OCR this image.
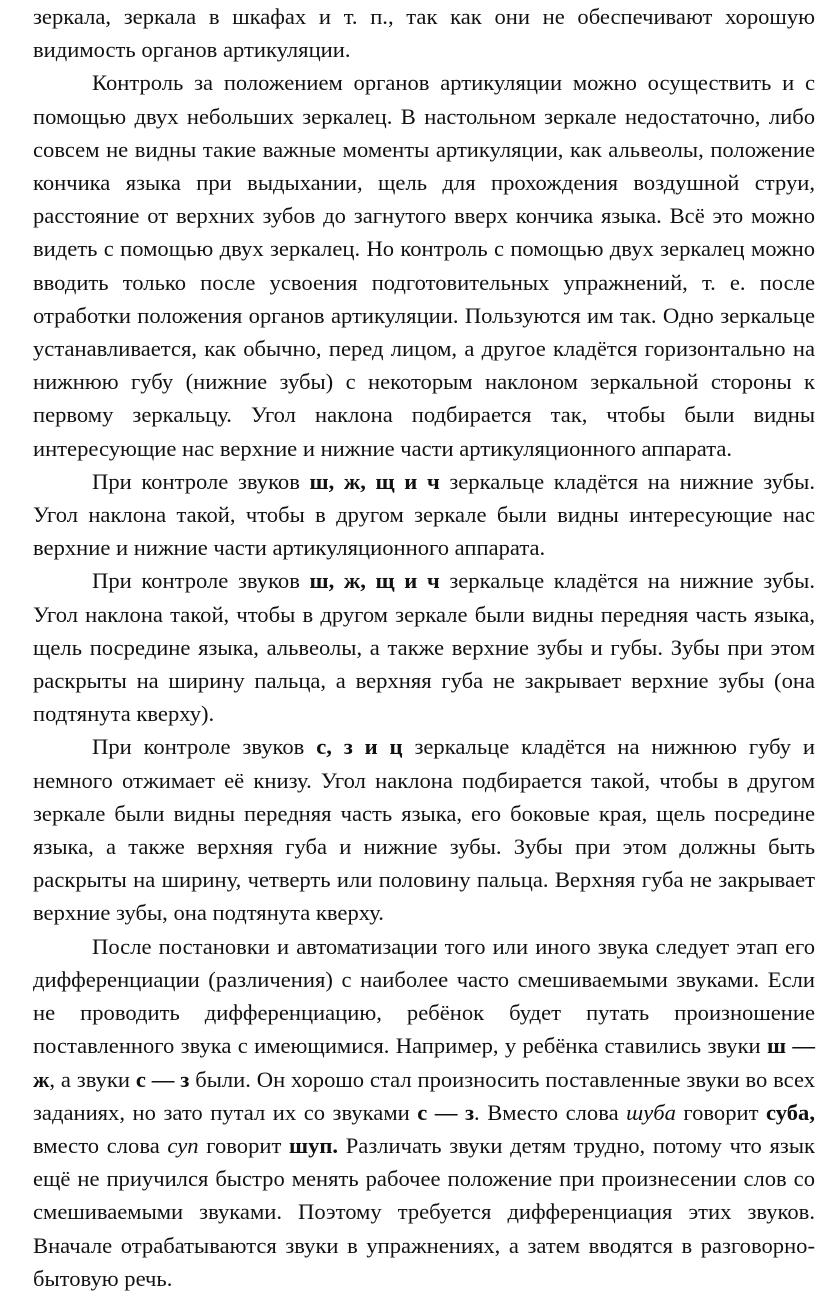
зеркала, зеркала в шкафах и т. п., так как они не обеспечивают хорошую видимость органов артикуляции.

Контроль за положением органов артикуляции можно осуществить и с помощью двух небольших зеркалец. В настольном зеркале недостаточно, либо совсем не видны такие важные моменты артикуляции, как альвеолы, положение кончика языка при выдыхании, щель для прохождения воздушной струи, расстояние от верхних зубов до загнутого вверх кончика языка. Всё это можно видеть с помощью двух зеркалец. Но контроль с помощью двух зеркалец можно вводить только после усвоения подготовительных упражнений, т. е. после отработки положения органов артикуляции. Пользуются им так. Одно зеркальце устанавливается, как обычно, перед лицом, а другое кладётся горизонтально на нижнюю губу (нижние зубы) с некоторым наклоном зеркальной стороны к первому зеркальцу. Угол наклона подбирается так, чтобы были видны интересующие нас верхние и нижние части артикуляционного аппарата.

При контроле звуков ш, ж, щ и ч зеркальце кладётся на нижние зубы. Угол наклона такой, чтобы в другом зеркале были видны интересующие нас верхние и нижние части артикуляционного аппарата.

При контроле звуков ш, ж, щ и ч зеркальце кладётся на нижние зубы. Угол наклона такой, чтобы в другом зеркале были видны передняя часть языка, щель посредине языка, альвеолы, а также верхние зубы и губы. Зубы при этом раскрыты на ширину пальца, а верхняя губа не закрывает верхние зубы (она подтянута кверху).

При контроле звуков с, з и ц зеркальце кладётся на нижнюю губу и немного отжимает её книзу. Угол наклона подбирается такой, чтобы в другом зеркале были видны передняя часть языка, его боковые края, щель посредине языка, а также верхняя губа и нижние зубы. Зубы при этом должны быть раскрыты на ширину, четверть или половину пальца. Верхняя губа не закрывает верхние зубы, она подтянута кверху.

После постановки и автоматизации того или иного звука следует этап его дифференциации (различения) с наиболее часто смешиваемыми звуками. Если не проводить дифференциацию, ребёнок будет путать произношение поставленного звука с имеющимися. Например, у ребёнка ставились звуки ш — ж, а звуки с — з были. Он хорошо стал произносить поставленные звуки во всех заданиях, но зато путал их со звуками с — з. Вместо слова шуба говорит суба, вместо слова суп говорит шуп. Различать звуки детям трудно, потому что язык ещё не приучился быстро менять рабочее положение при произнесении слов со смешиваемыми звуками. Поэтому требуется дифференциация этих звуков. Вначале отрабатываются звуки в упражнениях, а затем вводятся в разговорно-бытовую речь.
